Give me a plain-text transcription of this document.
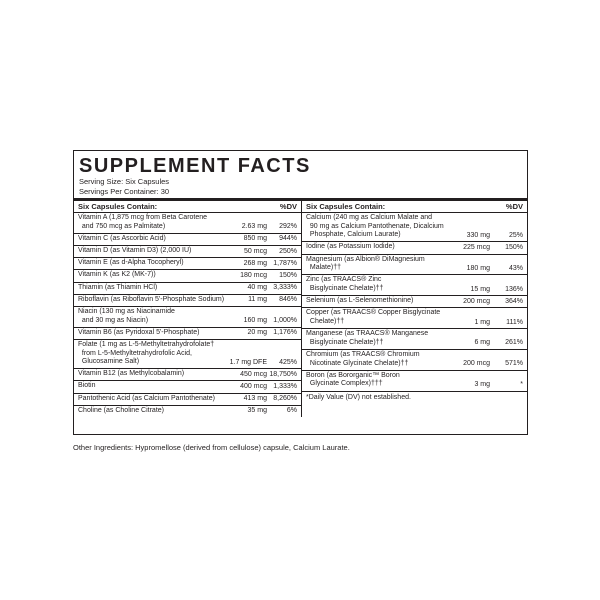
SUPPLEMENT FACTS
Serving Size: Six Capsules
Servings Per Container: 30
Six Capsules Contain:	%DV
Vitamin A (1,875 mcg from Beta Carotene
and 750 mcg as Palmitate)	2.63 mg 292%
Vitamin C (as Ascorbic Acid)	850 mg 944%
Vitamin D (as Vitamin D3) (2,000 IU)	50 mcg 250%
Vitamin E (as d-Alpha Tocopheryl)	268 mg 1,787%
Vitamin K (as K2 (MK-7))	180 mcg 150%
Thiamin (as Thiamin HCl)	40 mg 3,333%
Riboflavin (as Riboflavin 5'-Phosphate Sodium)	11 mg 846%
Niacin (130 mg as Niacinamide
and 30 mg as Niacin)	160 mg 1,000%
Vitamin B6 (as Pyridoxal 5'-Phosphate)	20 mg 1,176%
Folate (1 mg as L-5-Methyltetrahydrofolate†
from L-5-Methyltetrahydrofolic Acid,
Glucosamine Salt)	1.7 mg DFE 425%
Vitamin B12 (as Methylcobalamin)	450 mcg 18,750%
Biotin	400 mcg 1,333%
Pantothenic Acid (as Calcium Pantothenate)	413 mg 8,260%
Choline (as Choline Citrate)	35 mg	6%
Six Capsules Contain:	%DV
Calcium (240 mg as Calcium Malate and
90 mg as Calcium Pantothenate, Dicalcium
Phosphate, Calcium Laurate)	330 mg	25%
Iodine (as Potassium Iodide)	225 mcg 150%
Magnesium (as Albion® DiMagnesium
Malate)††	180 mg	43%
Zinc (as TRAACS® Zinc
Bisglycinate Chelate)††	15 mg 136%
Selenium (as L-Selenomethionine)	200 mcg 364%
Copper (as TRAACS® Copper Bisglycinate
Chelate)††	1 mg 111%
Manganese (as TRAACS® Manganese
Bisglycinate Chelate)††	6 mg 261%
Chromium (as TRAACS® Chromium
Nicotinate Glycinate Chelate)††	200 mcg 571%
Boron (as Bororganic™ Boron
Glycinate Complex)†††	3 mg	*
*Daily Value (DV) not established.
Other Ingredients: Hypromellose (derived from cellulose) capsule, Calcium Laurate.
